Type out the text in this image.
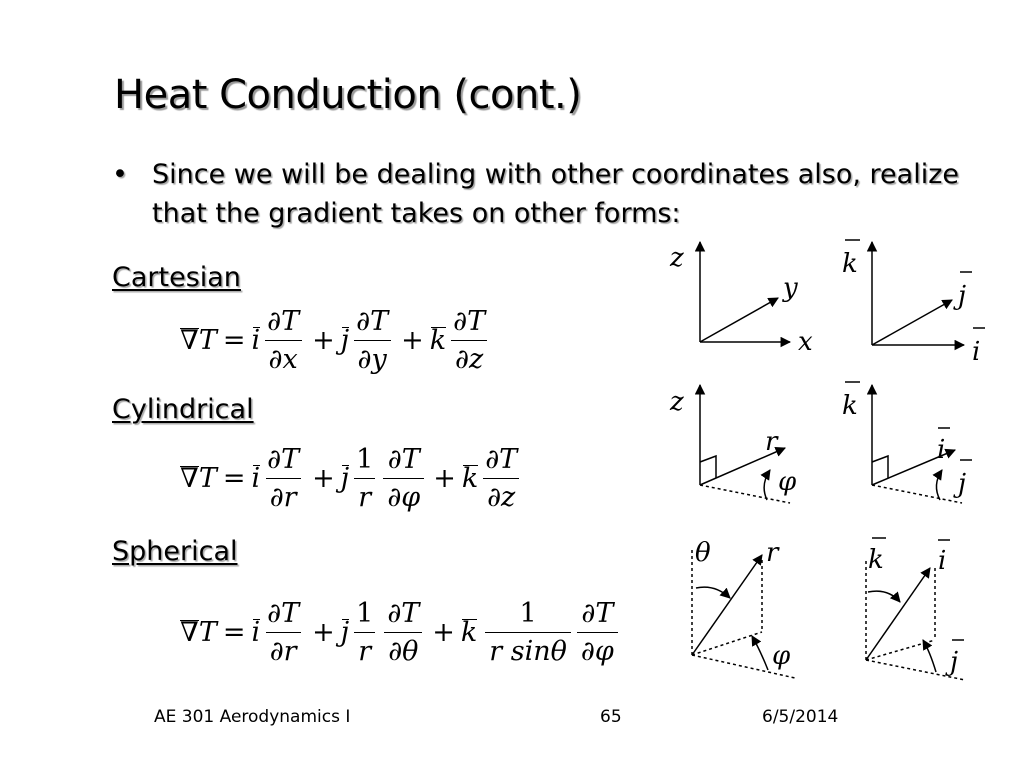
Heat Conduction (cont.)
• Since we will be dealing with other coordinates also, realize that the gradient takes on other forms:
Cartesian
∇ T = i $\frac{\partial T}{\partial x} + j \frac{\partial T}{\partial y} + k \frac{\partial T}{\partial z}$
Cylindrical
∇ T = i $\frac{\partial T}{\partial r} + j \frac{1}{r} \frac{\partial T}{\partial\varphi} + k \frac{\partial T}{\partial z}$
Spherical
∇ T = i $\frac{\partial T}{\partial r} + j \frac{1}{r} \frac{\partial T}{\partial\theta} + k \frac{1}{\text{r sinθ}} \frac{\partial T}{\partial\varphi}$
z
y
x
k
j
i
z
r
φ
k
i
j
θ r
φ
k i
j
AE 301 Aerodynamics I	65	6/5/2014
